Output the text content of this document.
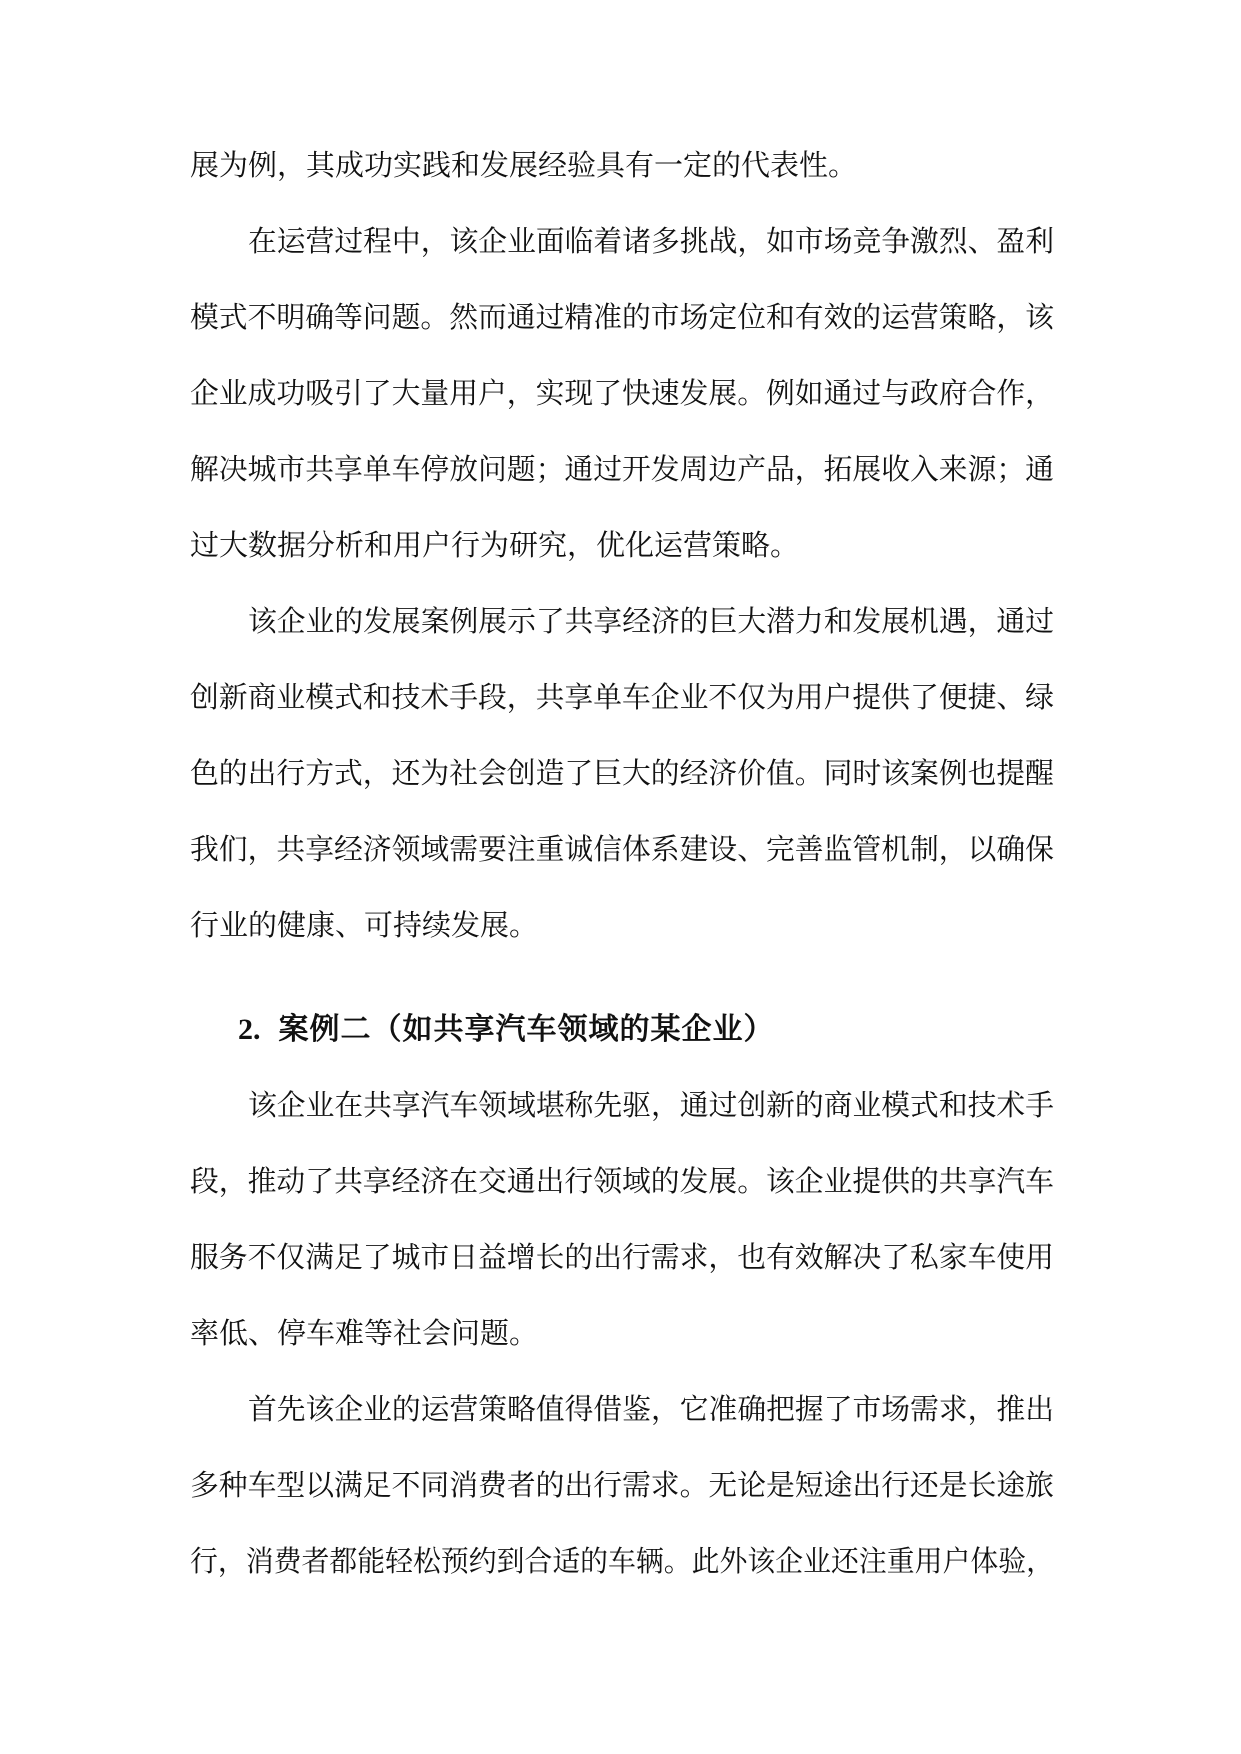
展为例，其成功实践和发展经验具有一定的代表性。
在运营过程中，该企业面临着诸多挑战，如市场竞争激烈、盈利
模式不明确等问题。然而通过精准的市场定位和有效的运营策略，该
企业成功吸引了大量用户，实现了快速发展。例如通过与政府合作，
解决城市共享单车停放问题；通过开发周边产品，拓展收入来源；通
过大数据分析和用户行为研究，优化运营策略。
该企业的发展案例展示了共享经济的巨大潜力和发展机遇，通过
创新商业模式和技术手段，共享单车企业不仅为用户提供了便捷、绿
色的出行方式，还为社会创造了巨大的经济价值。同时该案例也提醒
我们，共享经济领域需要注重诚信体系建设、完善监管机制，以确保
行业的健康、可持续发展。
2. 案例二（如共享汽车领域的某企业）
该企业在共享汽车领域堪称先驱，通过创新的商业模式和技术手
段，推动了共享经济在交通出行领域的发展。该企业提供的共享汽车
服务不仅满足了城市日益增长的出行需求，也有效解决了私家车使用
率低、停车难等社会问题。
首先该企业的运营策略值得借鉴，它准确把握了市场需求，推出
多种车型以满足不同消费者的出行需求。无论是短途出行还是长途旅
行，消费者都能轻松预约到合适的车辆。此外该企业还注重用户体验，
